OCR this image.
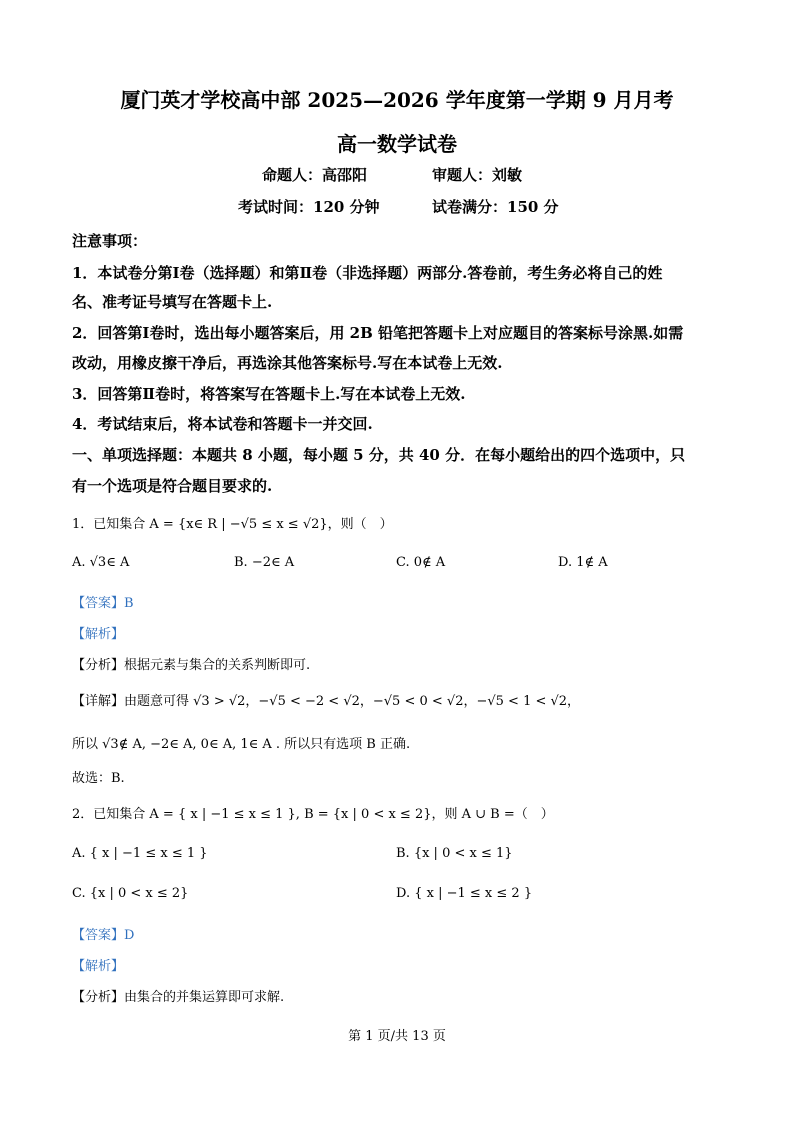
厦门英才学校高中部 2025—2026 学年度第一学期 9 月月考
高一数学试卷
命题人：高邵阳	审题人：刘敏
考试时间：120 分钟	试卷满分：150 分
注意事项：
1．本试卷分第Ⅰ卷（选择题）和第Ⅱ卷（非选择题）两部分.答卷前，考生务必将自己的姓
名、准考证号填写在答题卡上.
2．回答第Ⅰ卷时，选出每小题答案后，用 2B 铅笔把答题卡上对应题目的答案标号涂黑.如需
改动，用橡皮擦干净后，再选涂其他答案标号.写在本试卷上无效.
3．回答第Ⅱ卷时，将答案写在答题卡上.写在本试卷上无效.
4．考试结束后，将本试卷和答题卡一并交回.
一、单项选择题：本题共 8 小题，每小题 5 分，共 40 分．在每小题给出的四个选项中，只
有一个选项是符合题目要求的.
1．已知集合 A = {x∈ R | −√5 ≤ x ≤ √2}，则（　）
A. √3∈ A	B. −2∈ A	C. 0∉ A	D. 1∉ A
【答案】B
【解析】
【分析】根据元素与集合的关系判断即可.
【详解】由题意可得 √3 > √2，−√5 < −2 < √2，−√5 < 0 < √2，−√5 < 1 < √2，
所以 √3∉ A, −2∈ A, 0∈ A, 1∈ A . 所以只有选项 B 正确.
故选：B.
2．已知集合 A = { x | −1 ≤ x ≤ 1 }, B = {x | 0 < x ≤ 2}，则 A ∪ B =（　）
A. { x | −1 ≤ x ≤ 1 }	B. {x | 0 < x ≤ 1}
C. {x | 0 < x ≤ 2}	D. { x | −1 ≤ x ≤ 2 }
【答案】D
【解析】
【分析】由集合的并集运算即可求解.
第 1 页/共 13 页
